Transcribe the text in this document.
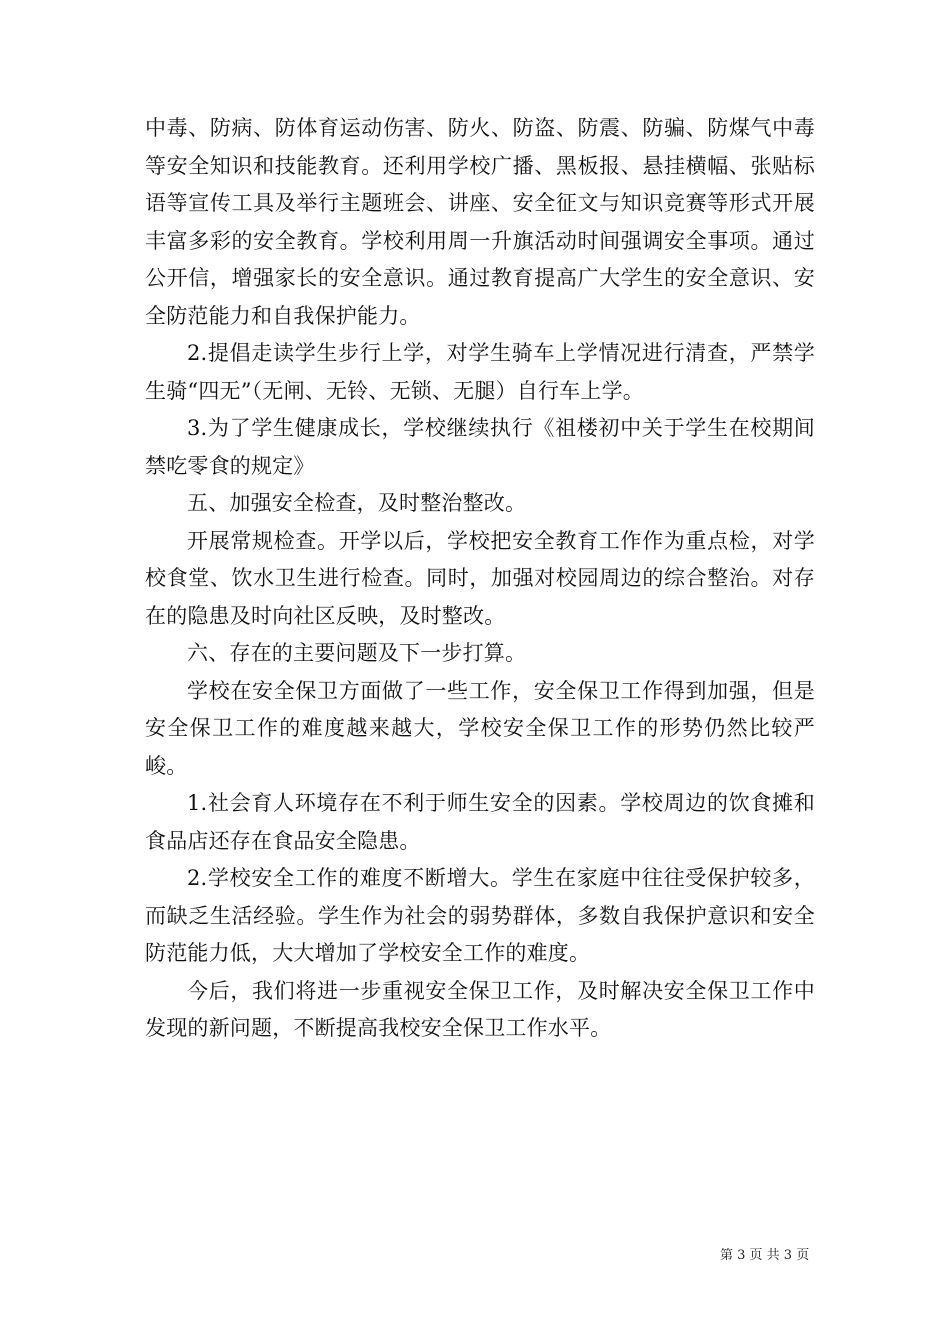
中毒、防病、防体育运动伤害、防火、防盗、防震、防骗、防煤气中毒等安全知识和技能教育。还利用学校广播、黑板报、悬挂横幅、张贴标语等宣传工具及举行主题班会、讲座、安全征文与知识竞赛等形式开展丰富多彩的安全教育。学校利用周一升旗活动时间强调安全事项。通过公开信，增强家长的安全意识。通过教育提高广大学生的安全意识、安全防范能力和自我保护能力。

2.提倡走读学生步行上学，对学生骑车上学情况进行清查，严禁学生骑“四无”（无闸、无铃、无锁、无腿）自行车上学。

3.为了学生健康成长，学校继续执行《祖楼初中关于学生在校期间禁吃零食的规定》

五、加强安全检查，及时整治整改。

开展常规检查。开学以后，学校把安全教育工作作为重点检，对学校食堂、饮水卫生进行检查。同时，加强对校园周边的综合整治。对存在的隐患及时向社区反映，及时整改。

六、存在的主要问题及下一步打算。

学校在安全保卫方面做了一些工作，安全保卫工作得到加强，但是安全保卫工作的难度越来越大，学校安全保卫工作的形势仍然比较严峻。

1.社会育人环境存在不利于师生安全的因素。学校周边的饮食摊和食品店还存在食品安全隐患。

2.学校安全工作的难度不断增大。学生在家庭中往往受保护较多，而缺乏生活经验。学生作为社会的弱势群体，多数自我保护意识和安全防范能力低，大大增加了学校安全工作的难度。

今后，我们将进一步重视安全保卫工作，及时解决安全保卫工作中发现的新问题，不断提高我校安全保卫工作水平。

第 3 页 共 3 页
